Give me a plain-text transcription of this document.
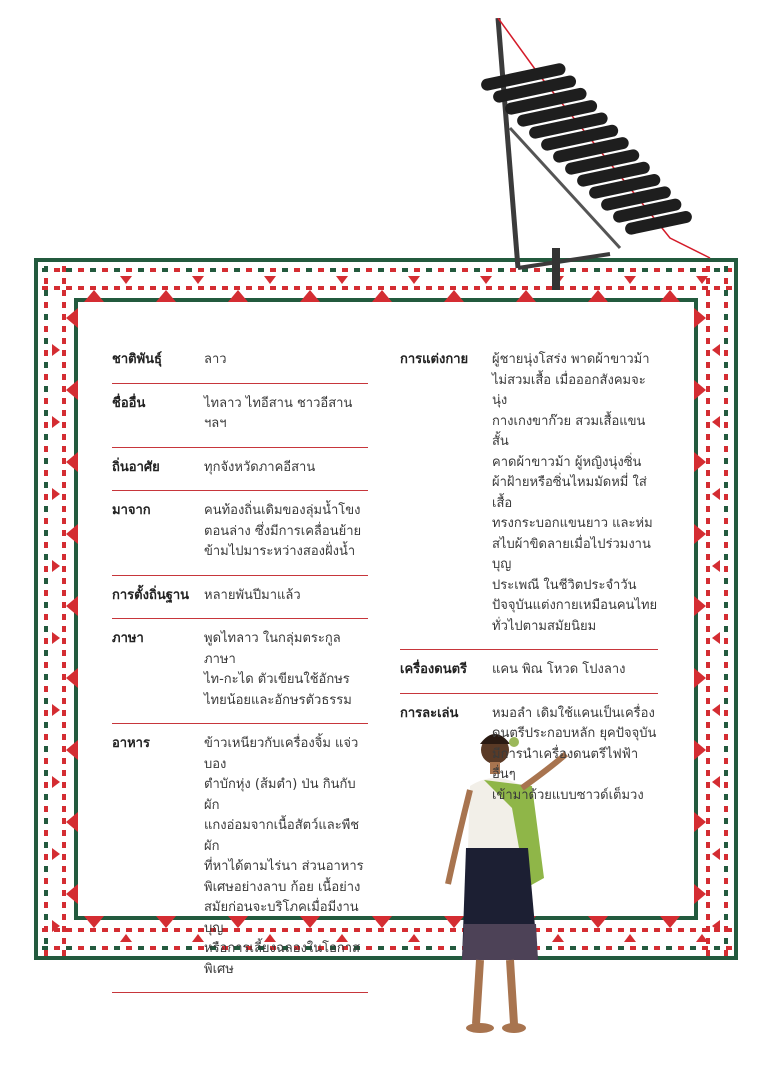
ชาติพันธุ์	ลาว
ชื่ออื่น	ไทลาว ไทอีสาน ชาวอีสาน ฯลฯ
ถิ่นอาศัย	ทุกจังหวัดภาคอีสาน
มาจาก	คนท้องถิ่นเดิมของลุ่มน้ำโขง
ตอนล่าง ซึ่งมีการเคลื่อนย้าย
ข้ามไปมาระหว่างสองฝั่งน้ำ
การตั้งถิ่นฐาน	หลายพันปีมาแล้ว
ภาษา	พูดไทลาว ในกลุ่มตระกูลภาษา
ไท-กะได ตัวเขียนใช้อักษร
ไทยน้อยและอักษรตัวธรรม
อาหาร	ข้าวเหนียวกับเครื่องจิ้ม แจ่วบอง
ตำบักหุ่ง (ส้มตำ) ป่น กินกับผัก
แกงอ่อมจากเนื้อสัตว์และพืชผัก
ที่หาได้ตามไร่นา ส่วนอาหาร
พิเศษอย่างลาบ ก้อย เนื้อย่าง
สมัยก่อนจะบริโภคเมื่อมีงานบุญ
หรือการเลี้ยงฉลองในโอกาส
พิเศษ
การแต่งกาย	ผู้ชายนุ่งโสร่ง พาดผ้าขาวม้า
ไม่สวมเสื้อ เมื่อออกสังคมจะนุ่ง
กางเกงขาก๊วย สวมเสื้อแขนสั้น
คาดผ้าขาวม้า ผู้หญิงนุ่งซิ่น
ผ้าฝ้ายหรือซิ่นไหมมัดหมี่ ใส่เสื้อ
ทรงกระบอกแขนยาว และห่ม
สไบผ้าขิดลายเมื่อไปร่วมงานบุญ
ประเพณี ในชีวิตประจำวัน
ปัจจุบันแต่งกายเหมือนคนไทย
ทั่วไปตามสมัยนิยม
เครื่องดนตรี	แคน พิณ โหวด โปงลาง
การละเล่น	หมอลำ เดิมใช้แคนเป็นเครื่อง
ดนตรีประกอบหลัก ยุคปัจจุบัน
มีการนำเครื่องดนตรีไฟฟ้าอื่นๆ
เข้ามาด้วยแบบซาวด์เต็มวง
